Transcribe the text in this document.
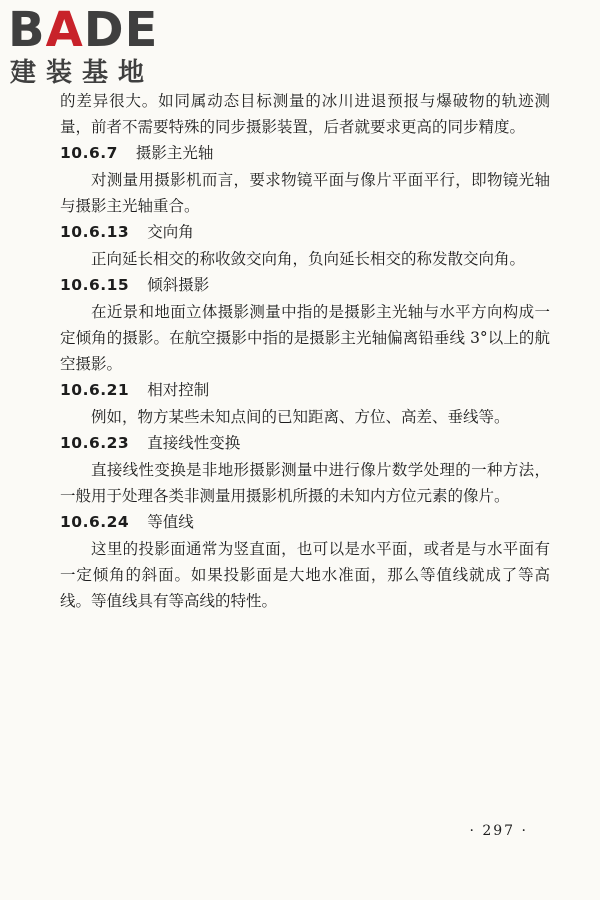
BADE
建装基地

的差异很大。如同属动态目标测量的冰川进退预报与爆破物的轨迹测量，前者不需要特殊的同步摄影装置，后者就要求更高的同步精度。

10.6.7 摄影主光轴

对测量用摄影机而言，要求物镜平面与像片平面平行，即物镜光轴与摄影主光轴重合。

10.6.13 交向角

正向延长相交的称收敛交向角，负向延长相交的称发散交向角。

10.6.15 倾斜摄影

在近景和地面立体摄影测量中指的是摄影主光轴与水平方向构成一定倾角的摄影。在航空摄影中指的是摄影主光轴偏离铅垂线 3°以上的航空摄影。

10.6.21 相对控制

例如，物方某些未知点间的已知距离、方位、高差、垂线等。

10.6.23 直接线性变换

直接线性变换是非地形摄影测量中进行像片数学处理的一种方法，一般用于处理各类非测量用摄影机所摄的未知内方位元素的像片。

10.6.24 等值线

这里的投影面通常为竖直面，也可以是水平面，或者是与水平面有一定倾角的斜面。如果投影面是大地水准面，那么等值线就成了等高线。等值线具有等高线的特性。

· 297 ·
